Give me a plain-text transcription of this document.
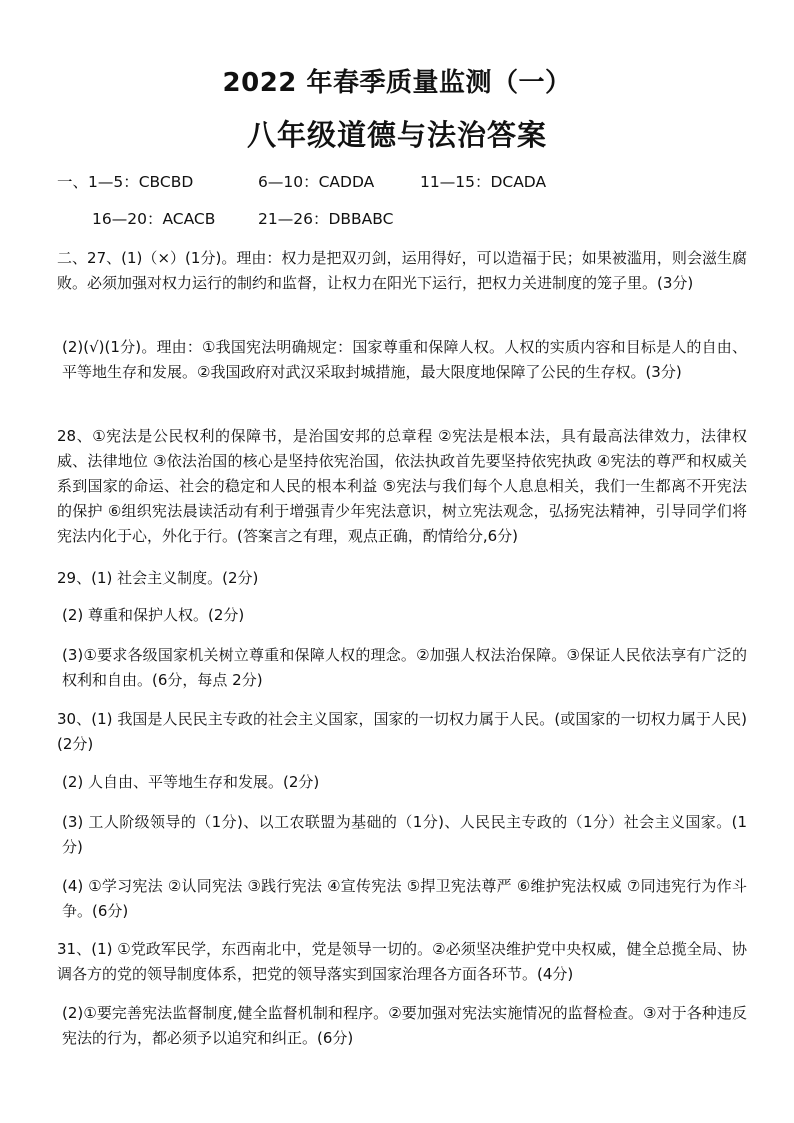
2022 年春季质量监测（一）
八年级道德与法治答案
一、1—5：CBCBD	6—10：CADDA	11—15：DCADA
16—20：ACACB	21—26：DBBABC
二、27、(1)（×）(1分)。理由：权力是把双刃剑，运用得好，可以造福于民；如果被滥用，则会滋生腐败。必须加强对权力运行的制约和监督，让权力在阳光下运行，把权力关进制度的笼子里。(3分)
(2)(√)(1分)。理由：①我国宪法明确规定：国家尊重和保障人权。人权的实质内容和目标是人的自由、平等地生存和发展。②我国政府对武汉采取封城措施，最大限度地保障了公民的生存权。(3分)
28、①宪法是公民权利的保障书，是治国安邦的总章程 ②宪法是根本法，具有最高法律效力，法律权威、法律地位 ③依法治国的核心是坚持依宪治国，依法执政首先要坚持依宪执政 ④宪法的尊严和权威关系到国家的命运、社会的稳定和人民的根本利益 ⑤宪法与我们每个人息息相关，我们一生都离不开宪法的保护 ⑥组织宪法晨读活动有利于增强青少年宪法意识，树立宪法观念，弘扬宪法精神，引导同学们将宪法内化于心，外化于行。(答案言之有理，观点正确，酌情给分,6分)
29、(1) 社会主义制度。(2分)
(2) 尊重和保护人权。(2分)
(3)①要求各级国家机关树立尊重和保障人权的理念。②加强人权法治保障。③保证人民依法享有广泛的权利和自由。(6分，每点 2分)
30、(1) 我国是人民民主专政的社会主义国家，国家的一切权力属于人民。(或国家的一切权力属于人民)(2分)
(2) 人自由、平等地生存和发展。(2分)
(3) 工人阶级领导的（1分)、以工农联盟为基础的（1分)、人民民主专政的（1分）社会主义国家。(1分)
(4) ①学习宪法 ②认同宪法 ③践行宪法 ④宣传宪法 ⑤捍卫宪法尊严 ⑥维护宪法权威 ⑦同违宪行为作斗争。(6分)
31、(1) ①党政军民学，东西南北中，党是领导一切的。②必须坚决维护党中央权威，健全总揽全局、协调各方的党的领导制度体系，把党的领导落实到国家治理各方面各环节。(4分)
(2)①要完善宪法监督制度,健全监督机制和程序。②要加强对宪法实施情况的监督检查。③对于各种违反宪法的行为，都必须予以追究和纠正。(6分)
